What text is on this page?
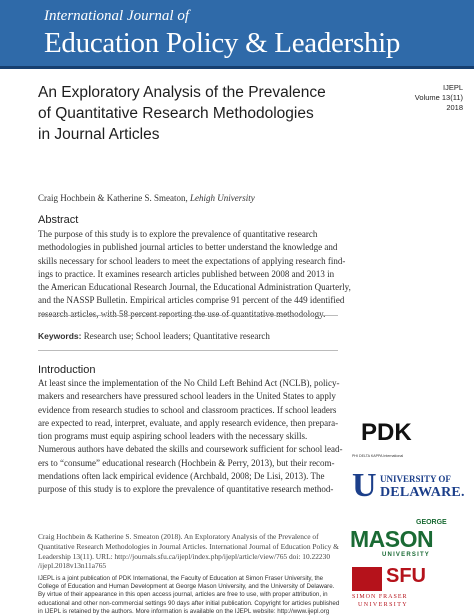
International Journal of
Education Policy & Leadership
IJEPL
Volume 13(11)
2018
An Exploratory Analysis of the Prevalence
of Quantitative Research Methodologies
in Journal Articles
Craig Hochbein & Katherine S. Smeaton, Lehigh University
Abstract
The purpose of this study is to explore the prevalence of quantitative research
methodologies in published journal articles to better understand the knowledge and
skills necessary for school leaders to meet the expectations of applying research find-
ings to practice. It examines research articles published between 2008 and 2013 in
the American Educational Research Journal, the Educational Administration Quarterly,
and the NASSP Bulletin. Empirical articles comprise 91 percent of the 449 identified
research articles, with 58 percent reporting the use of quantitative methodology.
Keywords: Research use; School leaders; Quantitative research
Introduction
At least since the implementation of the No Child Left Behind Act (NCLB), policy-
makers and researchers have pressured school leaders in the United States to apply
evidence from research studies to school and classroom practices. If school leaders
are expected to read, interpret, evaluate, and apply research evidence, then prepara-
tion programs must equip aspiring school leaders with the necessary skills.
Numerous authors have debated the skills and coursework sufficient for school lead-
ers to “consume” educational research (Hochbein & Perry, 2013), but their recom-
mendations often lack empirical evidence (Archbald, 2008; De Lisi, 2013). The
purpose of this study is to explore the prevalence of quantitative research method-
Craig Hochbein & Katherine S. Smeaton (2018). An Exploratory Analysis of the Prevalence of
Quantitative Research Methodologies in Journal Articles. International Journal of Education Policy &
Leadership 13(11). URL: http://journals.sfu.ca/ijepl/index.php/ijepl/article/view/765 doi: 10.22230
/ijepl.2018v13n11a765
IJEPL is a joint publication of PDK International, the Faculty of Education at Simon Fraser University, the
College of Education and Human Development at George Mason University, and the University of Delaware.
By virtue of their appearance in this open access journal, articles are free to use, with proper attribution, in
educational and other non-commercial settings 90 days after initial publication. Copyright for articles published
in IJEPL is retained by the authors. More information is available on the IJEPL website: http://www.ijepl.org
PDK
PHI DELTA KAPPA International
U UNIVERSITY OF
DELAWARE.
GEORGE
MASON
UNIVERSITY
SFU
SIMON FRASER
UNIVERSITY
